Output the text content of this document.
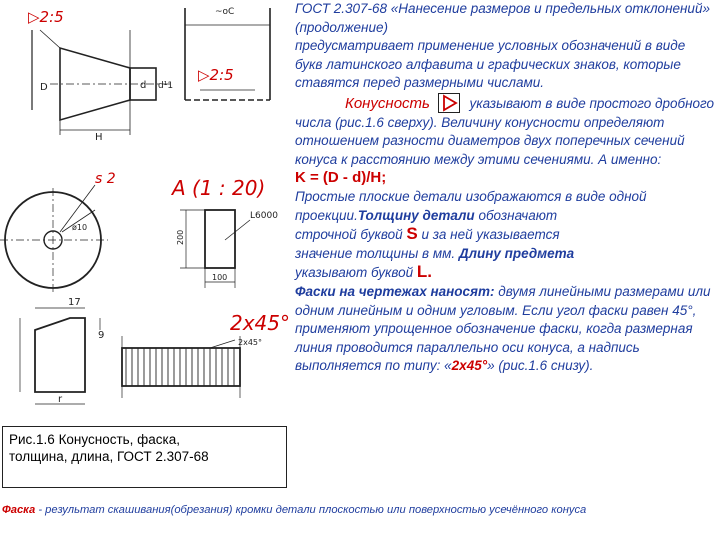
▷2:5
▷2:5
D	d
H
d¹1
~oC
s 2
ø10
A (1 : 20)
100
200
L6000
17
9
r
2x45°
2x45°
Рис.1.6 Конусность, фаска,
толщина, длина, ГОСТ 2.307-68

ГОСТ 2.307-68 «Нанесение размеров и предельных отклонений» (продолжение)

предусматривает применение условных обозначений в виде букв латинского алфавита и графических знаков, которые ставятся перед размерными числами.

Конусность	указывают в виде простого дробного числа (рис.1.6 сверху). Величину конусности определяют отношением разности диаметров двух поперечных сечений конуса к расстоянию между этими сечениями. А именно:

K = (D - d)/H;

Простые плоские детали изображаются в виде одной проекции.Толщину детали обозначают
строчной буквой S и за ней указывается
значение толщины в мм. Длину предмета
указывают буквой L.

Фаски на чертежах наносят: двумя линейными размерами или одним линейным и одним угловым. Если угол фаски равен 45°, применяют упрощенное обозначение фаски, когда размерная линия проводится параллельно оси конуса, а надпись выполняется по типу: «2x45°» (рис.1.6 снизу).

Фаска - результат скашивания(обрезания) кромки детали плоскостью или поверхностью усечённого конуса
